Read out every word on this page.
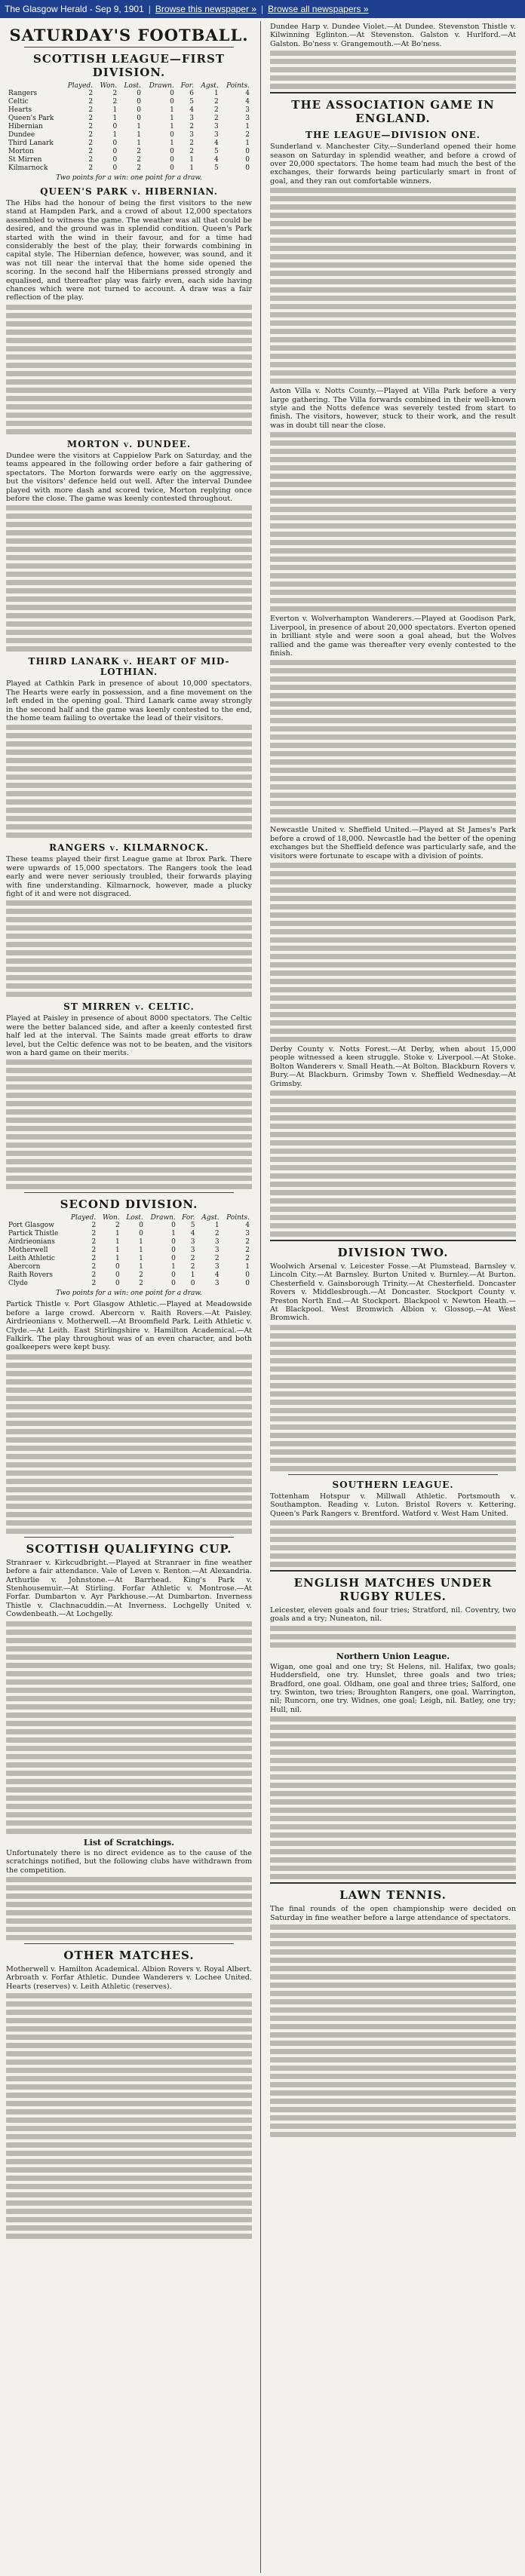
The Glasgow Herald - Sep 9, 1901 | Browse this newspaper » | Browse all newspapers »
SATURDAY'S FOOTBALL.
SCOTTISH LEAGUE—FIRST DIVISION.
	Played.	Won.	Lost.	Drawn.	For.	Agst.	Points.
Rangers	2	2	0	0	6	1	4
Celtic	2	2	0	0	5	2	4
Hearts	2	1	0	1	4	2	3
Queen's Park	2	1	0	1	3	2	3
Hibernian	2	0	1	1	2	3	1
Dundee	2	1	1	0	3	3	2
Third Lanark	2	0	1	1	2	4	1
Morton	2	0	2	0	2	5	0
St Mirren	2	0	2	0	1	4	0
Kilmarnock	2	0	2	0	1	5	0
Two points for a win: one point for a draw.
QUEEN'S PARK v. HIBERNIAN.

The Hibs had the honour of being the first visitors to the new stand at Hampden Park, and a crowd of about 12,000 spectators assembled to witness the game. The weather was all that could be desired, and the ground was in splendid condition. Queen's Park started with the wind in their favour, and for a time had considerably the best of the play, their forwards combining in capital style. The Hibernian defence, however, was sound, and it was not till near the interval that the home side opened the scoring. In the second half the Hibernians pressed strongly and equalised, and thereafter play was fairly even, each side having chances which were not turned to account. A draw was a fair reflection of the play.

MORTON v. DUNDEE.

Dundee were the visitors at Cappielow Park on Saturday, and the teams appeared in the following order before a fair gathering of spectators. The Morton forwards were early on the aggressive, but the visitors' defence held out well. After the interval Dundee played with more dash and scored twice, Morton replying once before the close. The game was keenly contested throughout.

THIRD LANARK v. HEART OF MID-LOTHIAN.

Played at Cathkin Park in presence of about 10,000 spectators. The Hearts were early in possession, and a fine movement on the left ended in the opening goal. Third Lanark came away strongly in the second half and the game was keenly contested to the end, the home team failing to overtake the lead of their visitors.

RANGERS v. KILMARNOCK.

These teams played their first League game at Ibrox Park. There were upwards of 15,000 spectators. The Rangers took the lead early and were never seriously troubled, their forwards playing with fine understanding. Kilmarnock, however, made a plucky fight of it and were not disgraced.

ST MIRREN v. CELTIC.

Played at Paisley in presence of about 8000 spectators. The Celtic were the better balanced side, and after a keenly contested first half led at the interval. The Saints made great efforts to draw level, but the Celtic defence was not to be beaten, and the visitors won a hard game on their merits.

SECOND DIVISION.
	Played.	Won.	Lost.	Drawn.	For.	Agst.	Points.
Port Glasgow	2	2	0	0	5	1	4
Partick Thistle	2	1	0	1	4	2	3
Airdrieonians	2	1	1	0	3	3	2
Motherwell	2	1	1	0	3	3	2
Leith Athletic	2	1	1	0	2	2	2
Abercorn	2	0	1	1	2	3	1
Raith Rovers	2	0	2	0	1	4	0
Clyde	2	0	2	0	0	3	0
Two points for a win: one point for a draw.

Partick Thistle v. Port Glasgow Athletic.—Played at Meadowside before a large crowd. Abercorn v. Raith Rovers.—At Paisley. Airdrieonians v. Motherwell.—At Broomfield Park. Leith Athletic v. Clyde.—At Leith. East Stirlingshire v. Hamilton Academical.—At Falkirk. The play throughout was of an even character, and both goalkeepers were kept busy.

SCOTTISH QUALIFYING CUP.

Stranraer v. Kirkcudbright.—Played at Stranraer in fine weather before a fair attendance. Vale of Leven v. Renton.—At Alexandria. Arthurlie v. Johnstone.—At Barrhead. King's Park v. Stenhousemuir.—At Stirling. Forfar Athletic v. Montrose.—At Forfar. Dumbarton v. Ayr Parkhouse.—At Dumbarton. Inverness Thistle v. Clachnacuddin.—At Inverness. Lochgelly United v. Cowdenbeath.—At Lochgelly.

List of Scratchings.

Unfortunately there is no direct evidence as to the cause of the scratchings notified, but the following clubs have withdrawn from the competition.

OTHER MATCHES.

Motherwell v. Hamilton Academical. Albion Rovers v. Royal Albert. Arbroath v. Forfar Athletic. Dundee Wanderers v. Lochee United. Hearts (reserves) v. Leith Athletic (reserves).

Dundee Harp v. Dundee Violet.—At Dundee. Stevenston Thistle v. Kilwinning Eglinton.—At Stevenston. Galston v. Hurlford.—At Galston. Bo'ness v. Grangemouth.—At Bo'ness.

THE ASSOCIATION GAME IN ENGLAND.
THE LEAGUE—DIVISION ONE.

Sunderland v. Manchester City.—Sunderland opened their home season on Saturday in splendid weather, and before a crowd of over 20,000 spectators. The home team had much the best of the exchanges, their forwards being particularly smart in front of goal, and they ran out comfortable winners.

Aston Villa v. Notts County.—Played at Villa Park before a very large gathering. The Villa forwards combined in their well-known style and the Notts defence was severely tested from start to finish. The visitors, however, stuck to their work, and the result was in doubt till near the close.

Everton v. Wolverhampton Wanderers.—Played at Goodison Park, Liverpool, in presence of about 20,000 spectators. Everton opened in brilliant style and were soon a goal ahead, but the Wolves rallied and the game was thereafter very evenly contested to the finish.

Newcastle United v. Sheffield United.—Played at St James's Park before a crowd of 18,000. Newcastle had the better of the opening exchanges but the Sheffield defence was particularly safe, and the visitors were fortunate to escape with a division of points.

Derby County v. Notts Forest.—At Derby, when about 15,000 people witnessed a keen struggle. Stoke v. Liverpool.—At Stoke. Bolton Wanderers v. Small Heath.—At Bolton. Blackburn Rovers v. Bury.—At Blackburn. Grimsby Town v. Sheffield Wednesday.—At Grimsby.

DIVISION TWO.

Woolwich Arsenal v. Leicester Fosse.—At Plumstead. Barnsley v. Lincoln City.—At Barnsley. Burton United v. Burnley.—At Burton. Chesterfield v. Gainsborough Trinity.—At Chesterfield. Doncaster Rovers v. Middlesbrough.—At Doncaster. Stockport County v. Preston North End.—At Stockport. Blackpool v. Newton Heath.—At Blackpool. West Bromwich Albion v. Glossop.—At West Bromwich.

SOUTHERN LEAGUE.

Tottenham Hotspur v. Millwall Athletic. Portsmouth v. Southampton. Reading v. Luton. Bristol Rovers v. Kettering. Queen's Park Rangers v. Brentford. Watford v. West Ham United.

ENGLISH MATCHES UNDER RUGBY RULES.

Leicester, eleven goals and four tries; Stratford, nil. Coventry, two goals and a try; Nuneaton, nil.

Northern Union League.

Wigan, one goal and one try; St Helens, nil. Halifax, two goals; Huddersfield, one try. Hunslet, three goals and two tries; Bradford, one goal. Oldham, one goal and three tries; Salford, one try. Swinton, two tries; Broughton Rangers, one goal. Warrington, nil; Runcorn, one try. Widnes, one goal; Leigh, nil. Batley, one try; Hull, nil.

LAWN TENNIS.

The final rounds of the open championship were decided on Saturday in fine weather before a large attendance of spectators.
